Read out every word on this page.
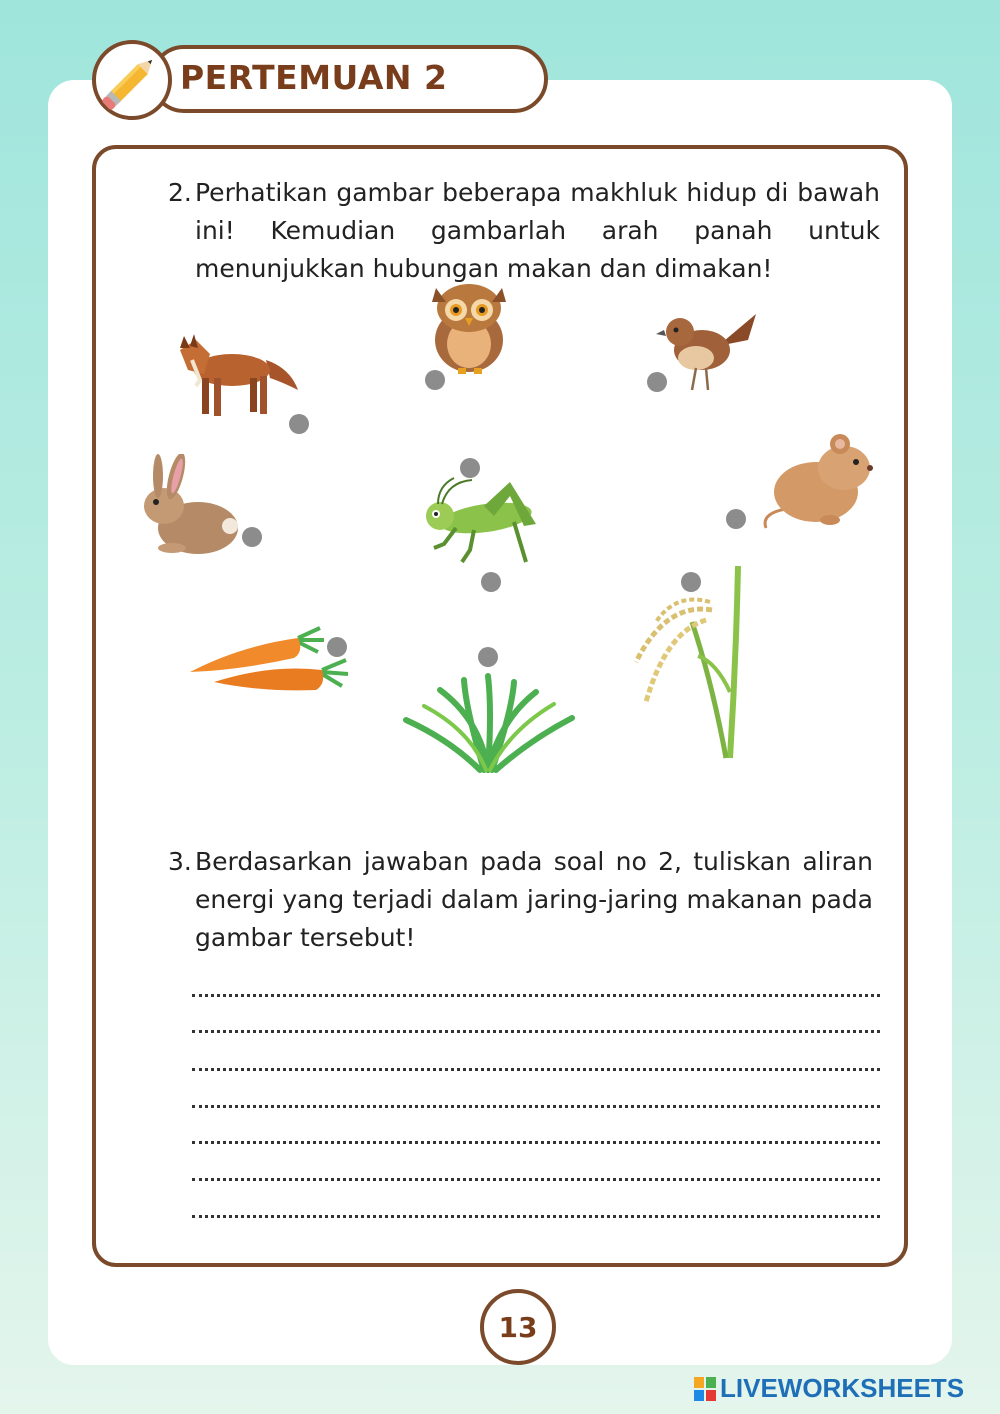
PERTEMUAN 2
2. Perhatikan gambar beberapa makhluk hidup di bawah ini! Kemudian gambarlah arah panah untuk menunjukkan hubungan makan dan dimakan!

3. Berdasarkan jawaban pada soal no 2, tuliskan aliran energi yang terjadi dalam jaring-jaring makanan pada gambar tersebut!

13
LIVEWORKSHEETS
